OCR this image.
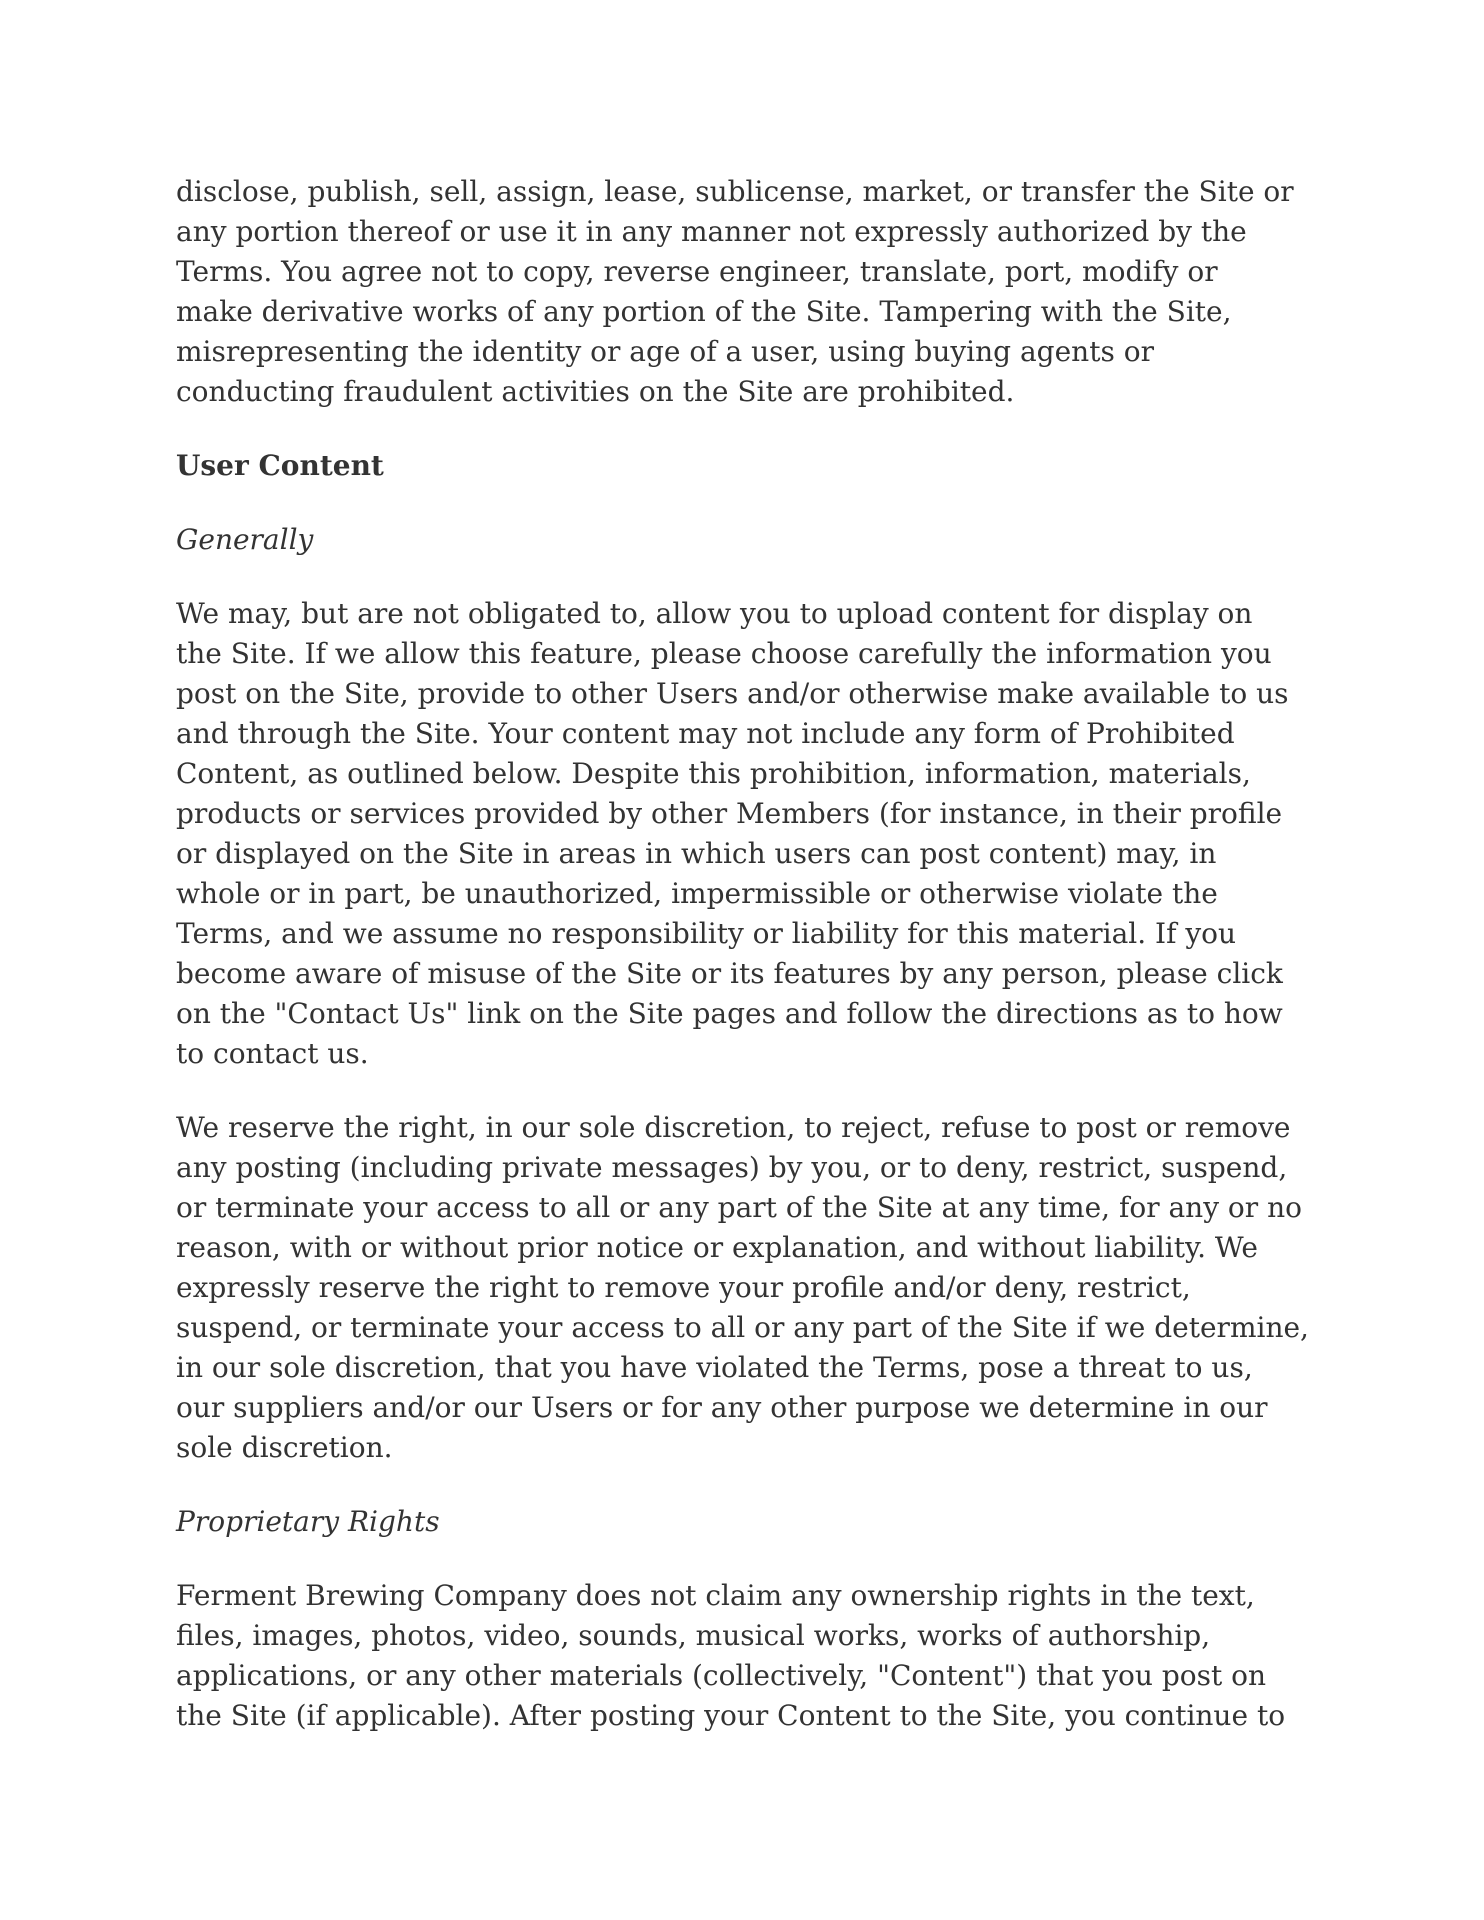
disclose, publish, sell, assign, lease, sublicense, market, or transfer the Site or
any portion thereof or use it in any manner not expressly authorized by the
Terms. You agree not to copy, reverse engineer, translate, port, modify or
make derivative works of any portion of the Site. Tampering with the Site,
misrepresenting the identity or age of a user, using buying agents or
conducting fraudulent activities on the Site are prohibited.

User Content
Generally

We may, but are not obligated to, allow you to upload content for display on
the Site. If we allow this feature, please choose carefully the information you
post on the Site, provide to other Users and/or otherwise make available to us
and through the Site. Your content may not include any form of Prohibited
Content, as outlined below. Despite this prohibition, information, materials,
products or services provided by other Members (for instance, in their profile
or displayed on the Site in areas in which users can post content) may, in
whole or in part, be unauthorized, impermissible or otherwise violate the
Terms, and we assume no responsibility or liability for this material. If you
become aware of misuse of the Site or its features by any person, please click
on the "Contact Us" link on the Site pages and follow the directions as to how
to contact us.

We reserve the right, in our sole discretion, to reject, refuse to post or remove
any posting (including private messages) by you, or to deny, restrict, suspend,
or terminate your access to all or any part of the Site at any time, for any or no
reason, with or without prior notice or explanation, and without liability. We
expressly reserve the right to remove your profile and/or deny, restrict,
suspend, or terminate your access to all or any part of the Site if we determine,
in our sole discretion, that you have violated the Terms, pose a threat to us,
our suppliers and/or our Users or for any other purpose we determine in our
sole discretion.

Proprietary Rights

Ferment Brewing Company does not claim any ownership rights in the text,
files, images, photos, video, sounds, musical works, works of authorship,
applications, or any other materials (collectively, "Content") that you post on
the Site (if applicable). After posting your Content to the Site, you continue to
